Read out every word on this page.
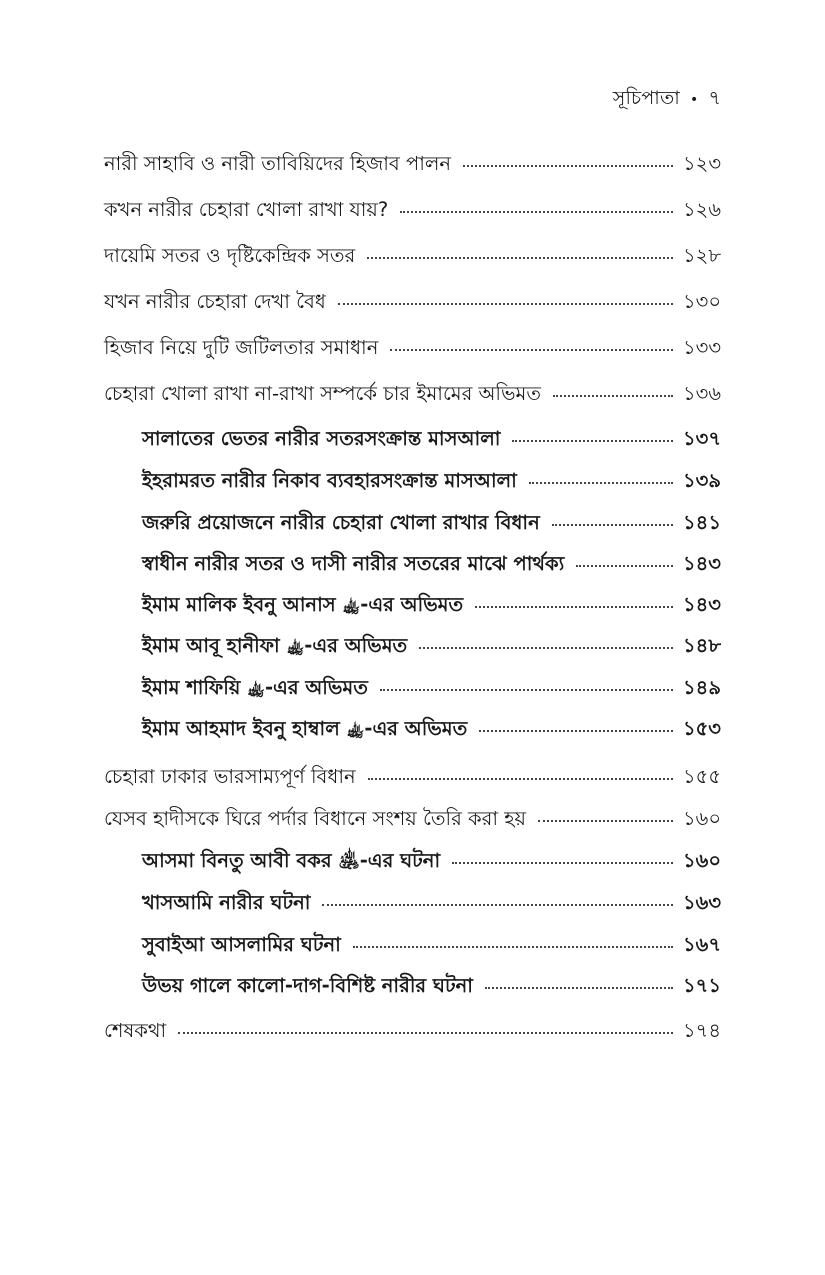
সূচিপাতা • ৭
নারী সাহাবি ও নারী তাবিয়িদের হিজাব পালন	১২৩
কখন নারীর চেহারা খোলা রাখা যায়?	১২৬
দায়েমি সতর ও দৃষ্টিকেন্দ্রিক সতর	১২৮
যখন নারীর চেহারা দেখা বৈধ	১৩০
হিজাব নিয়ে দুটি জটিলতার সমাধান	১৩৩
চেহারা খোলা রাখা না-রাখা সম্পর্কে চার ইমামের অভিমত	১৩৬
সালাতের ভেতর নারীর সতরসংক্রান্ত মাসআলা	১৩৭
ইহরামরত নারীর নিকাব ব্যবহারসংক্রান্ত মাসআলা	১৩৯
জরুরি প্রয়োজনে নারীর চেহারা খোলা রাখার বিধান	১৪১
স্বাধীন নারীর সতর ও দাসী নারীর সতরের মাঝে পার্থক্য	১৪৩
ইমাম মালিক ইবনু আনাস ﵀-এর অভিমত	১৪৩
ইমাম আবূ হানীফা ﵀-এর অভিমত	১৪৮
ইমাম শাফিয়ি ﵀-এর অভিমত	১৪৯
ইমাম আহমাদ ইবনু হাম্বাল ﵀-এর অভিমত	১৫৩
চেহারা ঢাকার ভারসাম্যপূর্ণ বিধান	১৫৫
যেসব হাদীসকে ঘিরে পর্দার বিধানে সংশয় তৈরি করা হয়	১৬০
আসমা বিনতু আবী বকর ﵁-এর ঘটনা	১৬০
খাসআমি নারীর ঘটনা	১৬৩
সুবাইআ আসলামির ঘটনা	১৬৭
উভয় গালে কালো-দাগ-বিশিষ্ট নারীর ঘটনা	১৭১
শেষকথা	১৭৪
